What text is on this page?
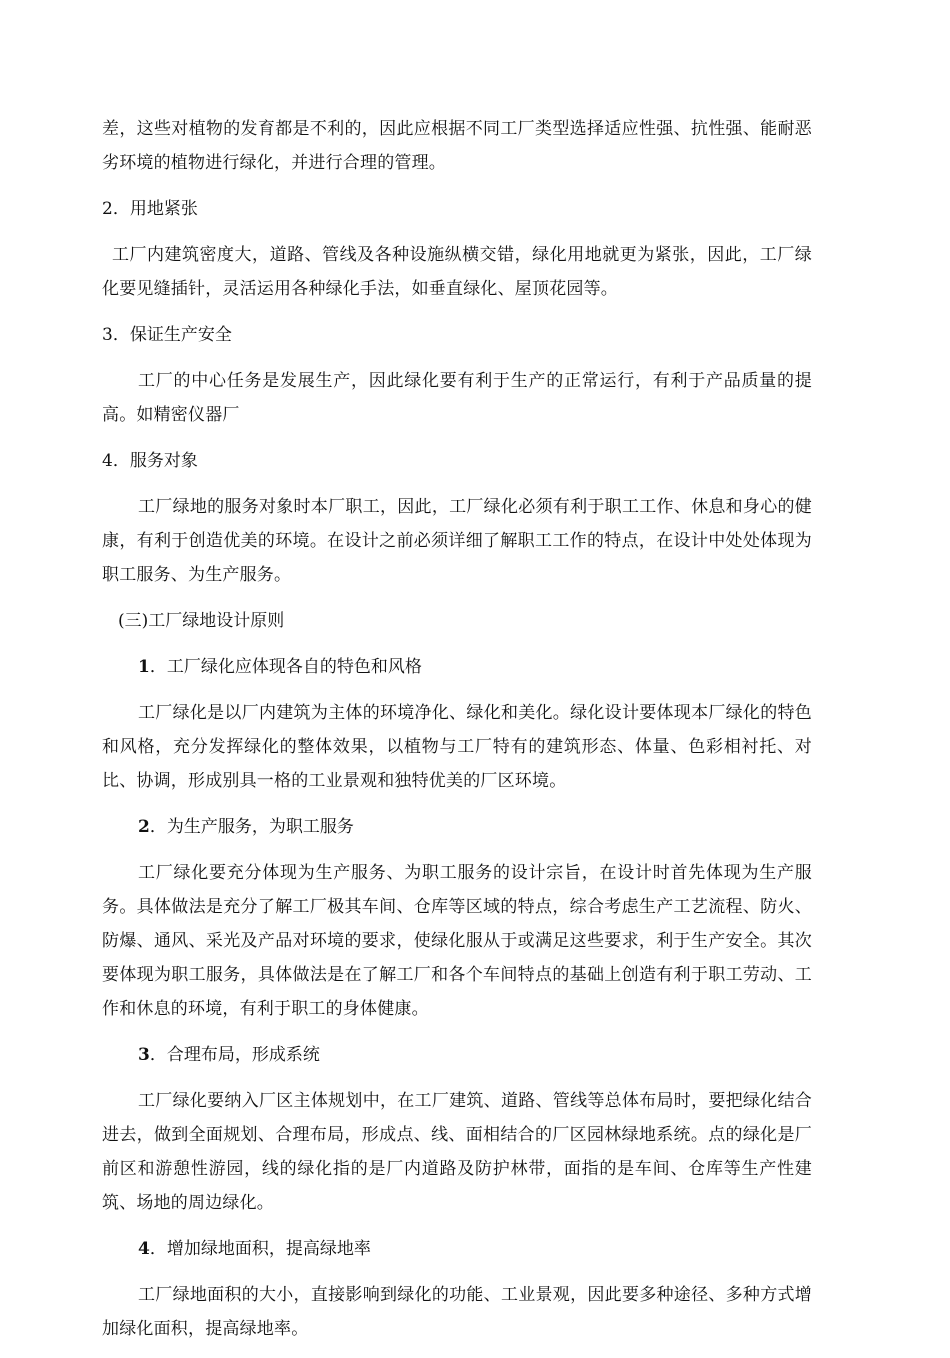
差，这些对植物的发育都是不利的，因此应根据不同工厂类型选择适应性强、抗性强、能耐恶劣环境的植物进行绿化，并进行合理的管理。

2．用地紧张

工厂内建筑密度大，道路、管线及各种设施纵横交错，绿化用地就更为紧张，因此，工厂绿化要见缝插针，灵活运用各种绿化手法，如垂直绿化、屋顶花园等。

3．保证生产安全

工厂的中心任务是发展生产，因此绿化要有利于生产的正常运行，有利于产品质量的提高。如精密仪器厂

4．服务对象

工厂绿地的服务对象时本厂职工，因此，工厂绿化必须有利于职工工作、休息和身心的健康，有利于创造优美的环境。在设计之前必须详细了解职工工作的特点，在设计中处处体现为职工服务、为生产服务。

(三)工厂绿地设计原则
1．工厂绿化应体现各自的特色和风格

工厂绿化是以厂内建筑为主体的环境净化、绿化和美化。绿化设计要体现本厂绿化的特色和风格，充分发挥绿化的整体效果，以植物与工厂特有的建筑形态、体量、色彩相衬托、对比、协调，形成别具一格的工业景观和独特优美的厂区环境。

2．为生产服务，为职工服务

工厂绿化要充分体现为生产服务、为职工服务的设计宗旨，在设计时首先体现为生产服务。具体做法是充分了解工厂极其车间、仓库等区域的特点，综合考虑生产工艺流程、防火、防爆、通风、采光及产品对环境的要求，使绿化服从于或满足这些要求，利于生产安全。其次要体现为职工服务，具体做法是在了解工厂和各个车间特点的基础上创造有利于职工劳动、工作和休息的环境，有利于职工的身体健康。

3．合理布局，形成系统

工厂绿化要纳入厂区主体规划中，在工厂建筑、道路、管线等总体布局时，要把绿化结合进去，做到全面规划、合理布局，形成点、线、面相结合的厂区园林绿地系统。点的绿化是厂前区和游憩性游园，线的绿化指的是厂内道路及防护林带，面指的是车间、仓库等生产性建筑、场地的周边绿化。

4．增加绿地面积，提高绿地率

工厂绿地面积的大小，直接影响到绿化的功能、工业景观，因此要多种途径、多种方式增加绿化面积，提高绿地率。
